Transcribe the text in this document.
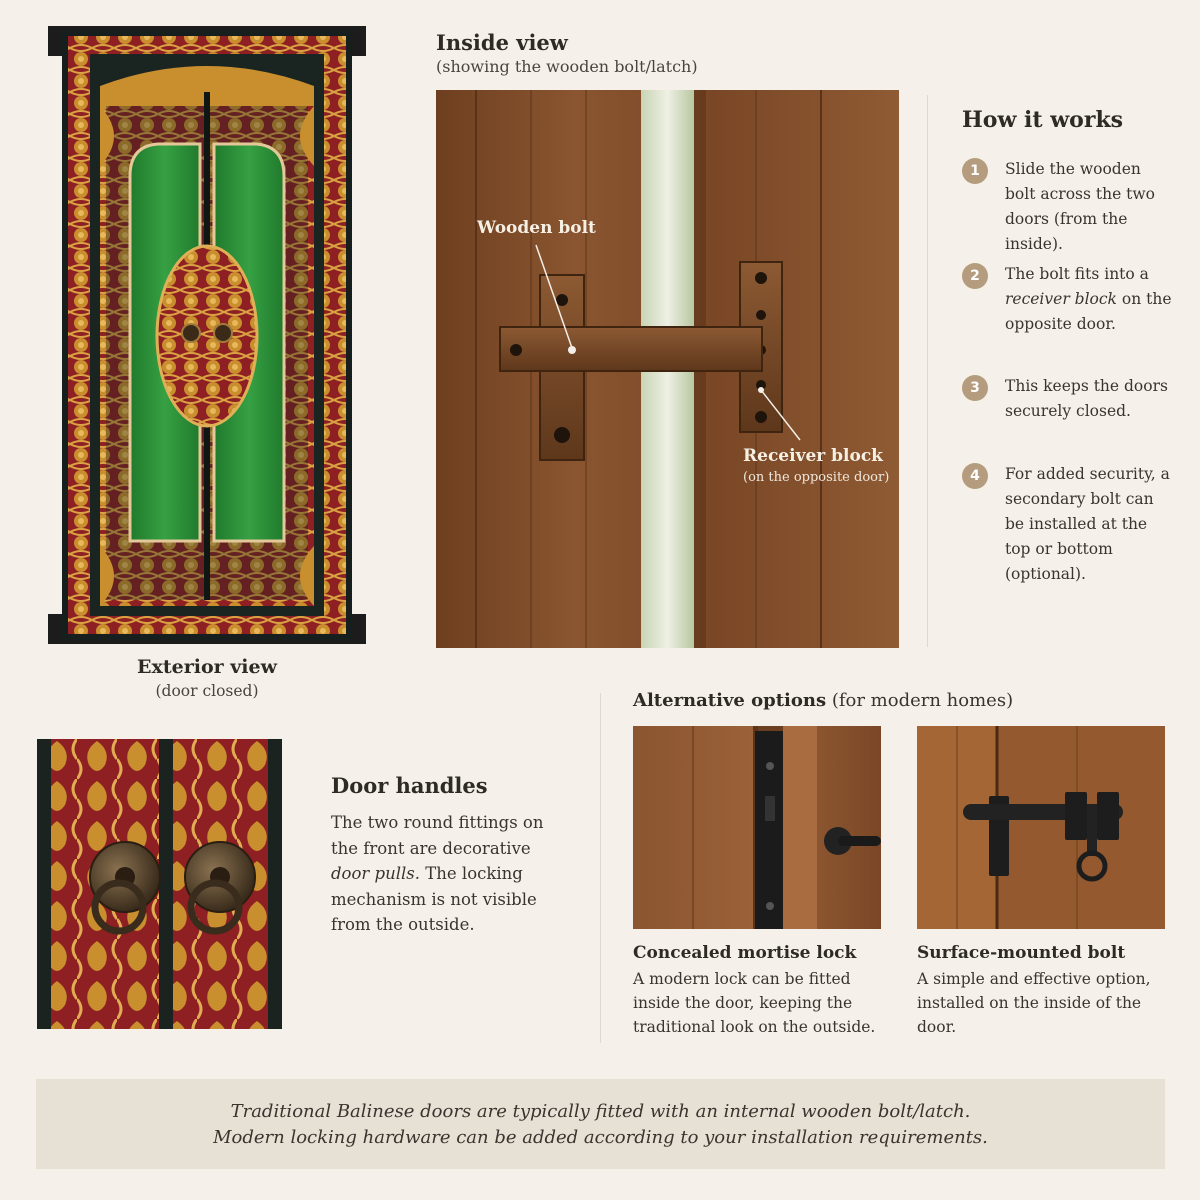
Exterior view
(door closed)
Inside view
(showing the wooden bolt/latch)
Wooden bolt
Receiver block
(on the opposite door)
How it works
1	Slide the wooden bolt across the two doors (from the inside).
2	The bolt fits into a receiver block on the opposite door.
3	This keeps the doors securely closed.
4	For added security, a secondary bolt can be installed at the top or bottom (optional).
Door handles
The two round fittings on the front are decorative door pulls. The locking mechanism is not visible from the outside.
Alternative options (for modern homes)
Concealed mortise lock
A modern lock can be fitted inside the door, keeping the traditional look on the outside.
Surface-mounted bolt
A simple and effective option, installed on the inside of the door.
Traditional Balinese doors are typically fitted with an internal wooden bolt/latch.
Modern locking hardware can be added according to your installation requirements.
